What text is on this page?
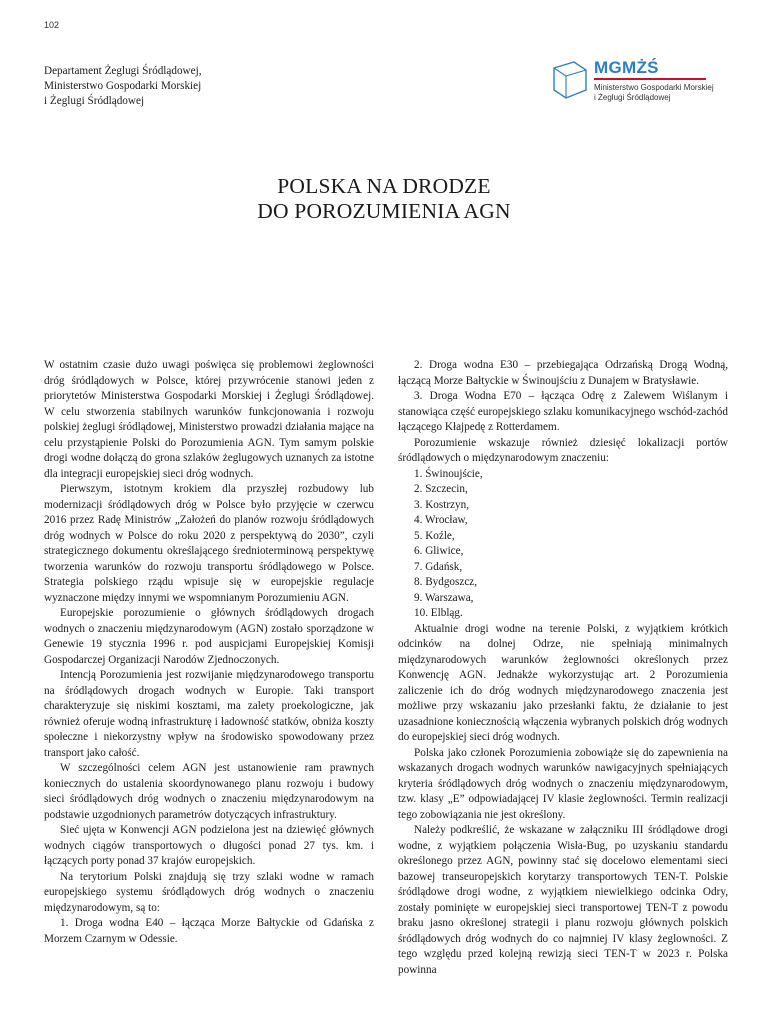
102
Departament Żeglugi Śródlądowej,
Ministerstwo Gospodarki Morskiej
i Żeglugi Śródlądowej
MGMŻŚ
Ministerstwo Gospodarki Morskiej
i Żeglugi Śródlądowej
POLSKA NA DRODZE
DO POROZUMIENIA AGN

W ostatnim czasie dużo uwagi poświęca się problemowi żeglowności dróg śródlądowych w Polsce, której przywrócenie stanowi jeden z priorytetów Ministerstwa Gospodarki Morskiej i Żeglugi Śródlądowej. W celu stworzenia stabilnych warunków funkcjonowania i rozwoju polskiej żeglugi śródlądowej, Ministerstwo prowadzi działania mające na celu przystąpienie Polski do Porozumienia AGN. Tym samym polskie drogi wodne dołączą do grona szlaków żeglugowych uznanych za istotne dla integracji europejskiej sieci dróg wodnych.

Pierwszym, istotnym krokiem dla przyszłej rozbudowy lub modernizacji śródlądowych dróg w Polsce było przyjęcie w czerwcu 2016 przez Radę Ministrów „Założeń do planów rozwoju śródlądowych dróg wodnych w Polsce do roku 2020 z perspektywą do 2030”, czyli strategicznego dokumentu określającego średnioterminową perspektywę tworzenia warunków do rozwoju transportu śródlądowego w Polsce. Strategia polskiego rządu wpisuje się w europejskie regulacje wyznaczone między innymi we wspomnianym Porozumieniu AGN.

Europejskie porozumienie o głównych śródlądowych drogach wodnych o znaczeniu międzynarodowym (AGN) zostało sporządzone w Genewie 19 stycznia 1996 r. pod auspicjami Europejskiej Komisji Gospodarczej Organizacji Narodów Zjednoczonych.

Intencją Porozumienia jest rozwijanie międzynarodowego transportu na śródlądowych drogach wodnych w Europie. Taki transport charakteryzuje się niskimi kosztami, ma zalety proekologiczne, jak również oferuje wodną infrastrukturę i ładowność statków, obniża koszty społeczne i niekorzystny wpływ na środowisko spowodowany przez transport jako całość.

W szczególności celem AGN jest ustanowienie ram prawnych koniecznych do ustalenia skoordynowanego planu rozwoju i budowy sieci śródlądowych dróg wodnych o znaczeniu międzynarodowym na podstawie uzgodnionych parametrów dotyczących infrastruktury.

Sieć ujęta w Konwencji AGN podzielona jest na dziewięć głównych wodnych ciągów transportowych o długości ponad 27 tys. km. i łączących porty ponad 37 krajów europejskich.

Na terytorium Polski znajdują się trzy szlaki wodne w ramach europejskiego systemu śródlądowych dróg wodnych o znaczeniu międzynarodowym, są to:

1. Droga wodna E40 – łącząca Morze Bałtyckie od Gdańska z Morzem Czarnym w Odessie.

2. Droga wodna E30 – przebiegająca Odrzańską Drogą Wodną, łączącą Morze Bałtyckie w Świnoujściu z Dunajem w Bratysławie.

3. Droga Wodna E70 – łącząca Odrę z Zalewem Wiślanym i stanowiąca część europejskiego szlaku komunikacyjnego wschód-zachód łączącego Kłajpedę z Rotterdamem.

Porozumienie wskazuje również dziesięć lokalizacji portów śródlądowych o międzynarodowym znaczeniu:

1. Świnoujście,
2. Szczecin,
3. Kostrzyn,
4. Wrocław,
5. Koźle,
6. Gliwice,
7. Gdańsk,
8. Bydgoszcz,
9. Warszawa,
10. Elbląg.

Aktualnie drogi wodne na terenie Polski, z wyjątkiem krótkich odcinków na dolnej Odrze, nie spełniają minimalnych międzynarodowych warunków żeglowności określonych przez Konwencję AGN. Jednakże wykorzystując art. 2 Porozumienia zaliczenie ich do dróg wodnych międzynarodowego znaczenia jest możliwe przy wskazaniu jako przesłanki faktu, że działanie to jest uzasadnione koniecznością włączenia wybranych polskich dróg wodnych do europejskiej sieci dróg wodnych.

Polska jako członek Porozumienia zobowiąże się do zapewnienia na wskazanych drogach wodnych warunków nawigacyjnych spełniających kryteria śródlądowych dróg wodnych o znaczeniu międzynarodowym, tzw. klasy „E” odpowiadającej IV klasie żeglowności. Termin realizacji tego zobowiązania nie jest określony.

Należy podkreślić, że wskazane w załączniku III śródlądowe drogi wodne, z wyjątkiem połączenia Wisła-Bug, po uzyskaniu standardu określonego przez AGN, powinny stać się docelowo elementami sieci bazowej transeuropejskich korytarzy transportowych TEN-T. Polskie śródlądowe drogi wodne, z wyjątkiem niewielkiego odcinka Odry, zostały pominięte w europejskiej sieci transportowej TEN-T z powodu braku jasno określonej strategii i planu rozwoju głównych polskich śródlądowych dróg wodnych do co najmniej IV klasy żeglowności. Z tego względu przed kolejną rewizją sieci TEN-T w 2023 r. Polska powinna
